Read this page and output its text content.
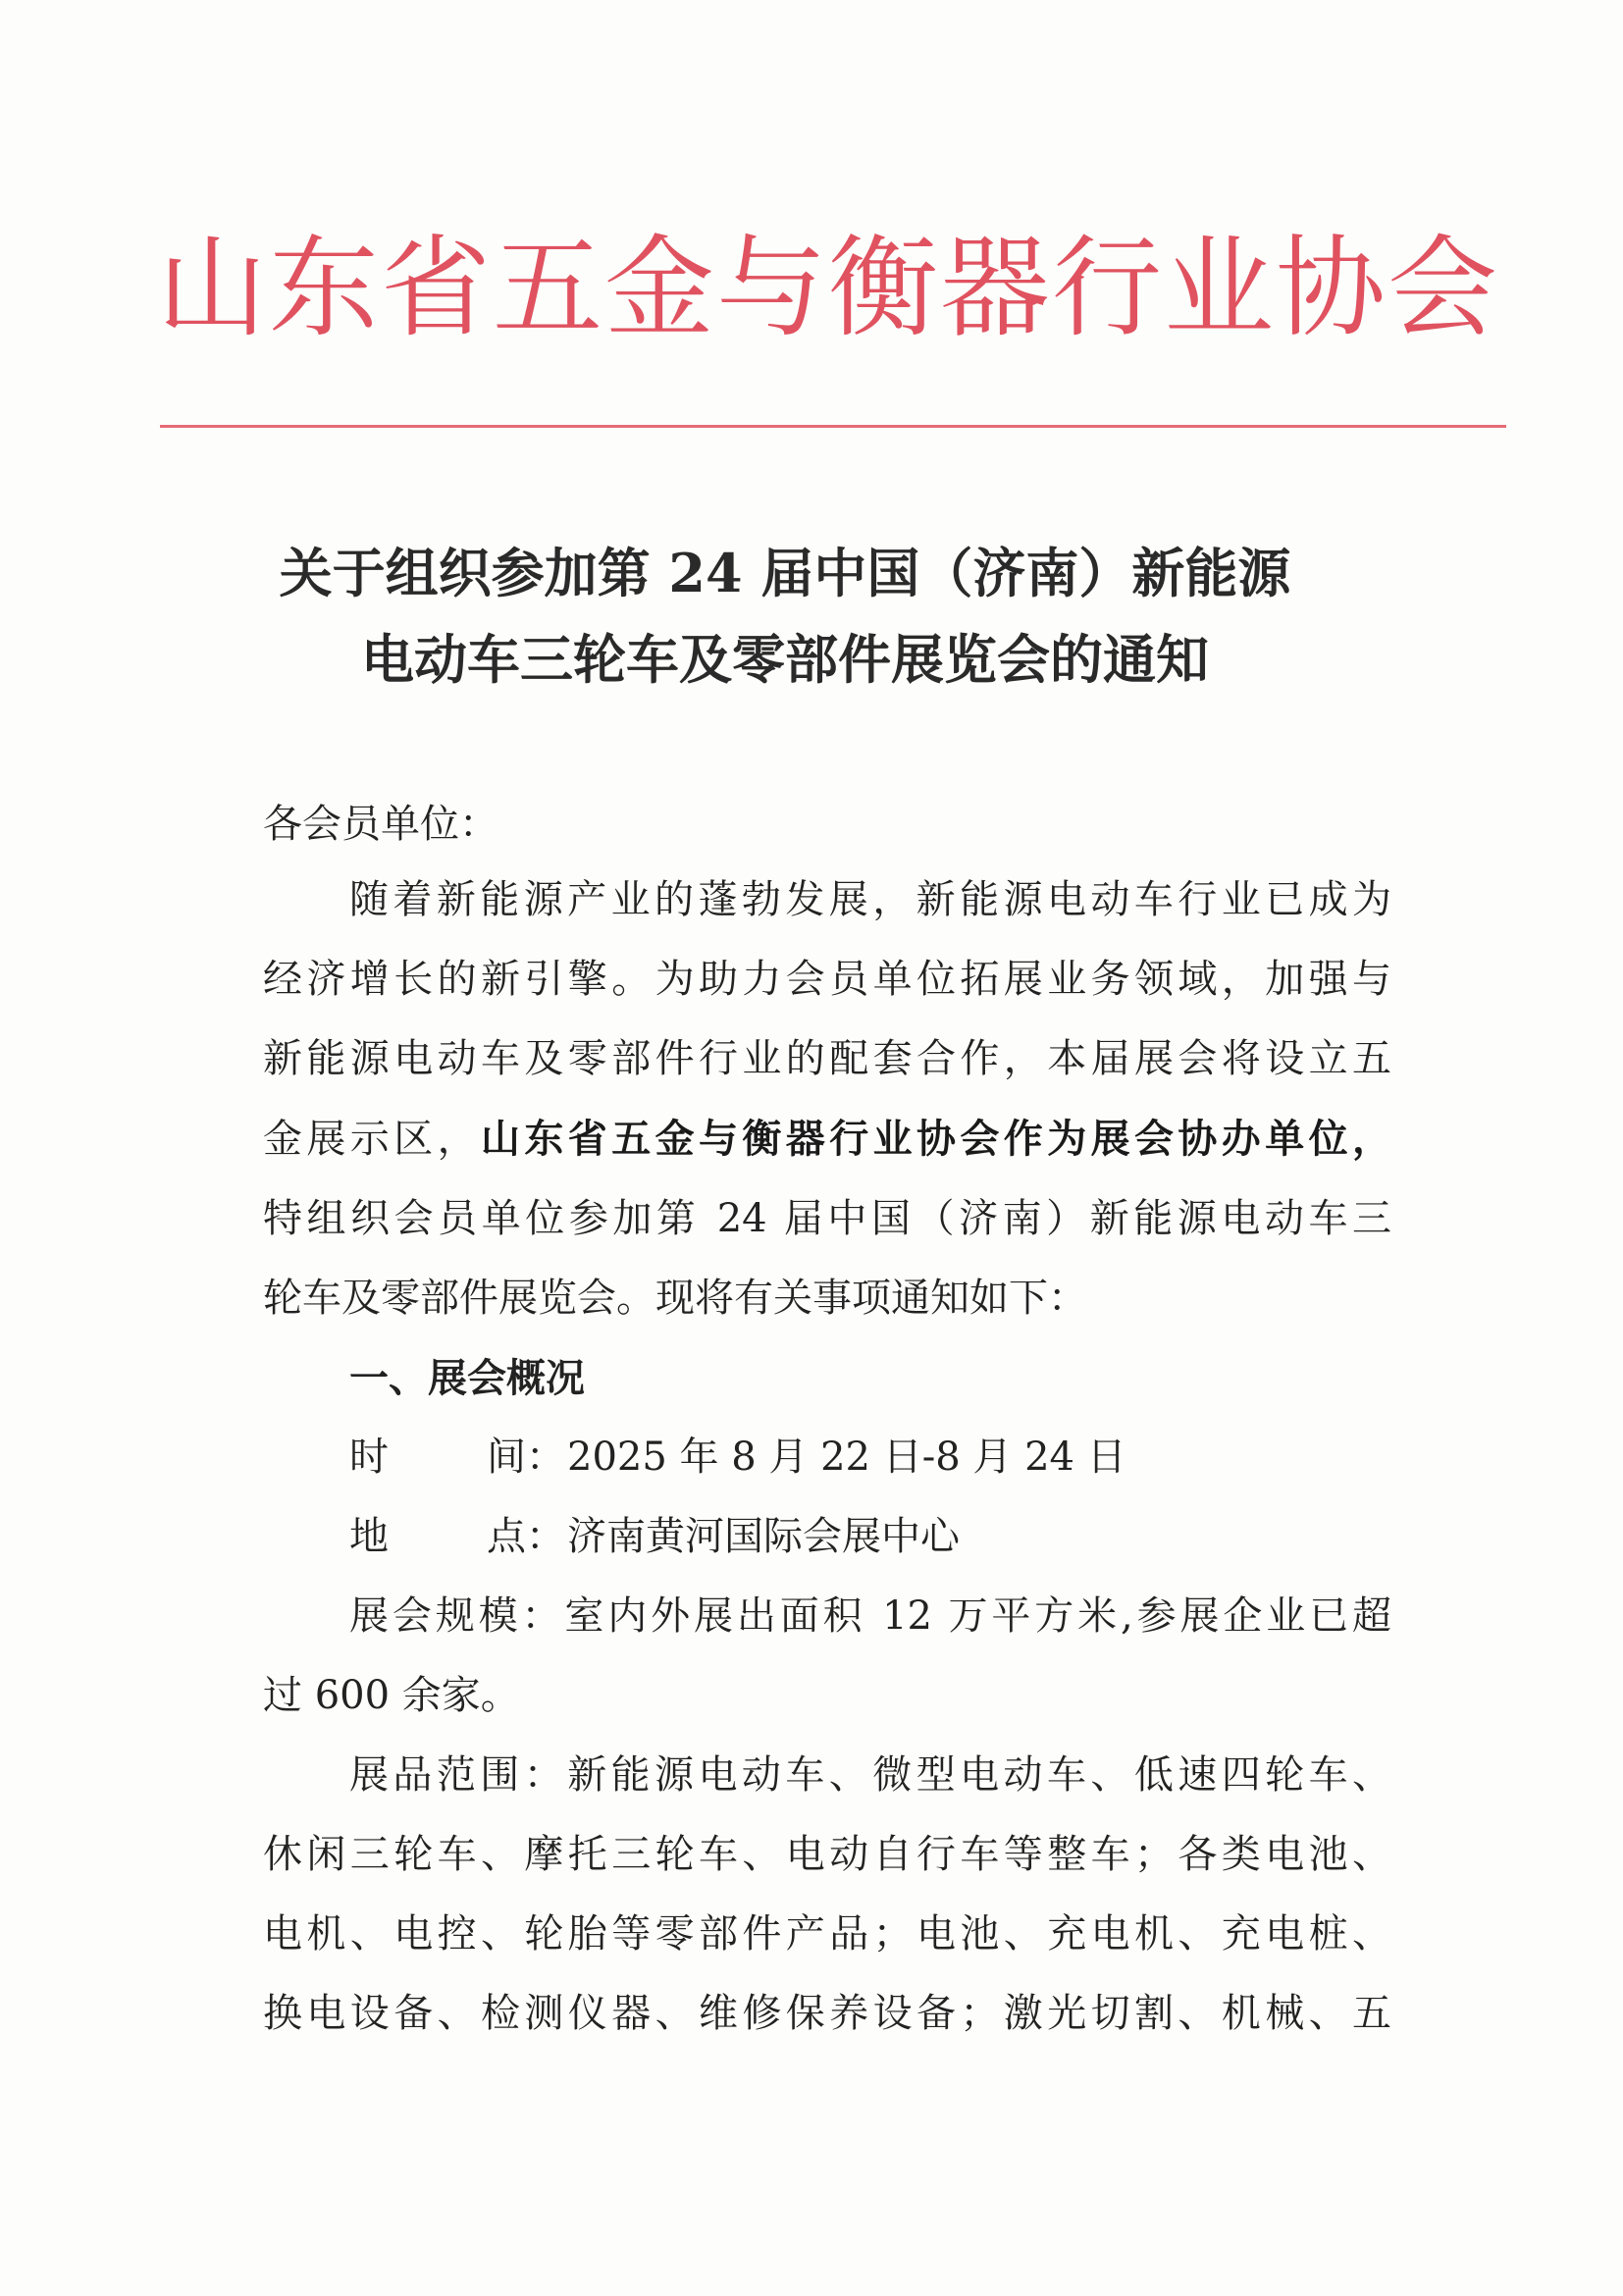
山东省五金与衡器行业协会
关于组织参加第 24 届中国（济南）新能源
电动车三轮车及零部件展览会的通知
各会员单位：
随着新能源产业的蓬勃发展，新能源电动车行业已成为
经济增长的新引擎。为助力会员单位拓展业务领域，加强与
新能源电动车及零部件行业的配套合作，本届展会将设立五
金展示区，山东省五金与衡器行业协会作为展会协办单位，
特组织会员单位参加第 24 届中国（济南）新能源电动车三
轮车及零部件展览会。现将有关事项通知如下：
一、展会概况
时	间：2025 年 8 月 22 日-8 月 24 日
地	点：济南黄河国际会展中心
展会规模：室内外展出面积 12 万平方米,参展企业已超
过 600 余家。
展品范围：新能源电动车、微型电动车、低速四轮车、
休闲三轮车、摩托三轮车、电动自行车等整车；各类电池、
电机、电控、轮胎等零部件产品；电池、充电机、充电桩、
换电设备、检测仪器、维修保养设备；激光切割、机械、五
